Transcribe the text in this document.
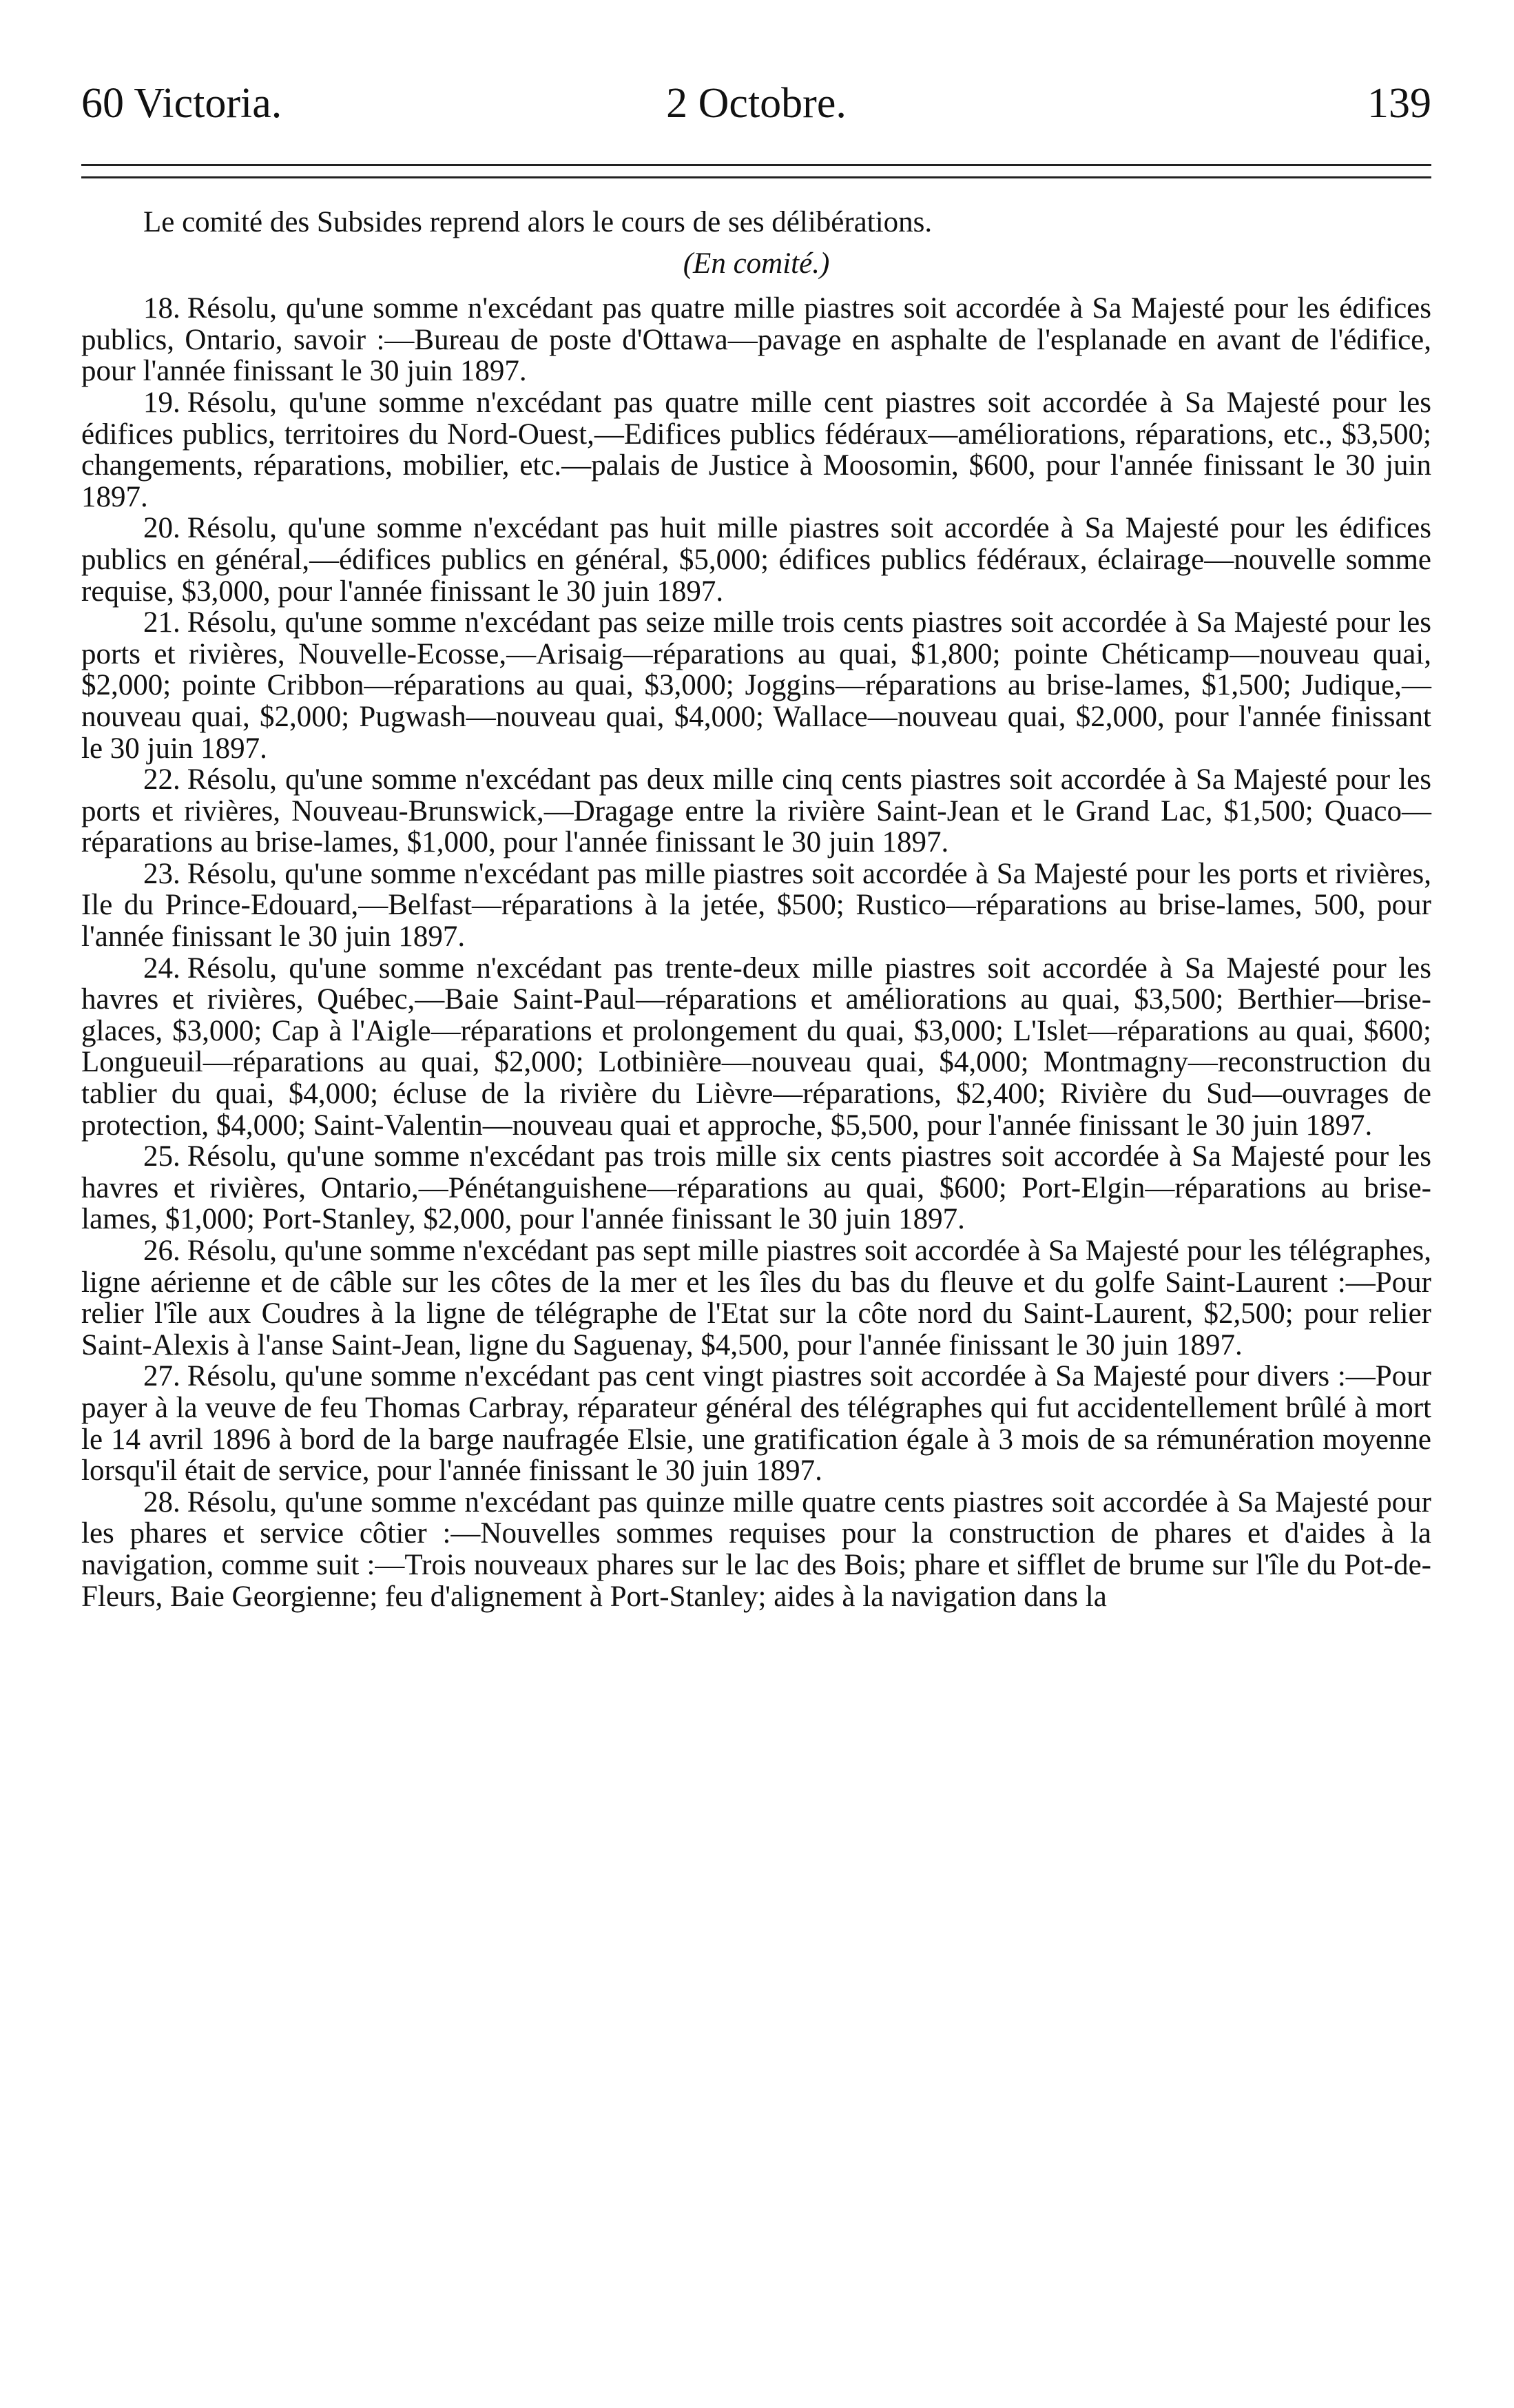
60 Victoria.	2 Octobre.	139

Le comité des Subsides reprend alors le cours de ses délibérations.

(En comité.)

18. Résolu, qu'une somme n'excédant pas quatre mille piastres soit accordée à Sa Majesté pour les édifices publics, Ontario, savoir :—Bureau de poste d'Ottawa—pavage en asphalte de l'esplanade en avant de l'édifice, pour l'année finissant le 30 juin 1897.

19. Résolu, qu'une somme n'excédant pas quatre mille cent piastres soit accordée à Sa Majesté pour les édifices publics, territoires du Nord-Ouest,—Edifices publics fédéraux—améliorations, réparations, etc., $3,500; changements, réparations, mobilier, etc.—palais de Justice à Moosomin, $600, pour l'année finissant le 30 juin 1897.

20. Résolu, qu'une somme n'excédant pas huit mille piastres soit accordée à Sa Majesté pour les édifices publics en général,—édifices publics en général, $5,000; édifices publics fédéraux, éclairage—nouvelle somme requise, $3,000, pour l'année finissant le 30 juin 1897.

21. Résolu, qu'une somme n'excédant pas seize mille trois cents piastres soit accordée à Sa Majesté pour les ports et rivières, Nouvelle-Ecosse,—Arisaig—réparations au quai, $1,800; pointe Chéticamp—nouveau quai, $2,000; pointe Cribbon—réparations au quai, $3,000; Joggins—réparations au brise-lames, $1,500; Judique,—nouveau quai, $2,000; Pugwash—nouveau quai, $4,000; Wallace—nouveau quai, $2,000, pour l'année finissant le 30 juin 1897.

22. Résolu, qu'une somme n'excédant pas deux mille cinq cents piastres soit accordée à Sa Majesté pour les ports et rivières, Nouveau-Brunswick,—Dragage entre la rivière Saint-Jean et le Grand Lac, $1,500; Quaco—réparations au brise-lames, $1,000, pour l'année finissant le 30 juin 1897.

23. Résolu, qu'une somme n'excédant pas mille piastres soit accordée à Sa Majesté pour les ports et rivières, Ile du Prince-Edouard,—Belfast—réparations à la jetée, $500; Rustico—réparations au brise-lames, 500, pour l'année finissant le 30 juin 1897.

24. Résolu, qu'une somme n'excédant pas trente-deux mille piastres soit accordée à Sa Majesté pour les havres et rivières, Québec,—Baie Saint-Paul—réparations et améliorations au quai, $3,500; Berthier—brise-glaces, $3,000; Cap à l'Aigle—réparations et prolongement du quai, $3,000; L'Islet—réparations au quai, $600; Longueuil—réparations au quai, $2,000; Lotbinière—nouveau quai, $4,000; Montmagny—reconstruction du tablier du quai, $4,000; écluse de la rivière du Lièvre—réparations, $2,400; Rivière du Sud—ouvrages de protection, $4,000; Saint-Valentin—nouveau quai et approche, $5,500, pour l'année finissant le 30 juin 1897.

25. Résolu, qu'une somme n'excédant pas trois mille six cents piastres soit accordée à Sa Majesté pour les havres et rivières, Ontario,—Pénétanguishene—réparations au quai, $600; Port-Elgin—réparations au brise-lames, $1,000; Port-Stanley, $2,000, pour l'année finissant le 30 juin 1897.

26. Résolu, qu'une somme n'excédant pas sept mille piastres soit accordée à Sa Majesté pour les télégraphes, ligne aérienne et de câble sur les côtes de la mer et les îles du bas du fleuve et du golfe Saint-Laurent :—Pour relier l'île aux Coudres à la ligne de télégraphe de l'Etat sur la côte nord du Saint-Laurent, $2,500; pour relier Saint-Alexis à l'anse Saint-Jean, ligne du Saguenay, $4,500, pour l'année finissant le 30 juin 1897.

27. Résolu, qu'une somme n'excédant pas cent vingt piastres soit accordée à Sa Majesté pour divers :—Pour payer à la veuve de feu Thomas Carbray, réparateur général des télégraphes qui fut accidentellement brûlé à mort le 14 avril 1896 à bord de la barge naufragée Elsie, une gratification égale à 3 mois de sa rémunération moyenne lorsqu'il était de service, pour l'année finissant le 30 juin 1897.

28. Résolu, qu'une somme n'excédant pas quinze mille quatre cents piastres soit accordée à Sa Majesté pour les phares et service côtier :—Nouvelles sommes requises pour la construction de phares et d'aides à la navigation, comme suit :—Trois nouveaux phares sur le lac des Bois; phare et sifflet de brume sur l'île du Pot-de-Fleurs, Baie Georgienne; feu d'alignement à Port-Stanley; aides à la navigation dans la
